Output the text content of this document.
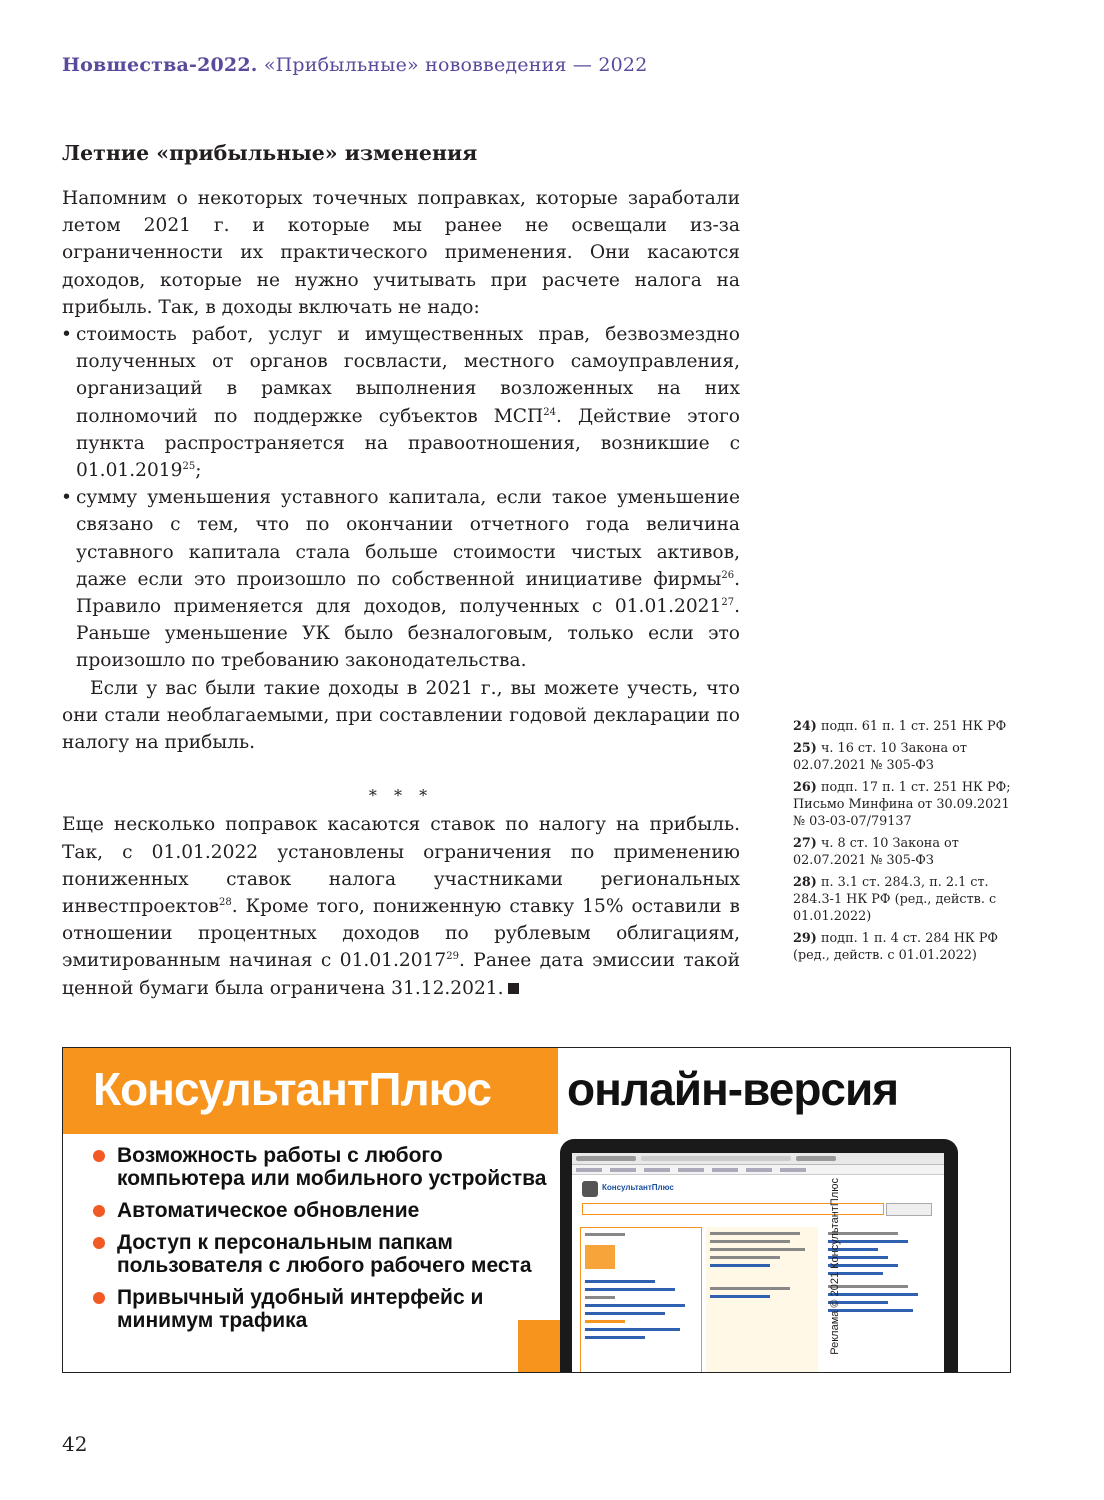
Новшества-2022. «Прибыльные» нововведения — 2022
Летние «прибыльные» изменения

Напомним о некоторых точечных поправках, которые заработали летом 2021 г. и которые мы ранее не освещали из-за ограниченности их практического применения. Они касаются доходов, которые не нужно учитывать при расчете налога на прибыль. Так, в доходы включать не надо:

• стоимость работ, услуг и имущественных прав, безвозмездно полученных от органов госвласти, местного самоуправления, организаций в рамках выполнения возложенных на них полномочий по поддержке субъектов МСП$^{24}$. Действие этого пункта распространяется на правоотношения, возникшие с 01.01.2019$^{25}$;

• сумму уменьшения уставного капитала, если такое уменьшение связано с тем, что по окончании отчетного года величина уставного капитала стала больше стоимости чистых активов, даже если это произошло по собственной инициативе фирмы$^{26}$. Правило применяется для доходов, полученных с 01.01.2021$^{27}$. Раньше уменьшение УК было безналоговым, только если это произошло по требованию законодательства.

Если у вас были такие доходы в 2021 г., вы можете учесть, что они стали необлагаемыми, при составлении годовой декларации по налогу на прибыль.

* * *

Еще несколько поправок касаются ставок по налогу на прибыль. Так, с 01.01.2022 установлены ограничения по применению пониженных ставок налога участниками региональных инвестпроектов$^{28}$. Кроме того, пониженную ставку 15% оставили в отношении процентных доходов по рублевым облигациям, эмитированным начиная с 01.01.2017$^{29}$. Ранее дата эмиссии такой ценной бумаги была ограничена 31.12.2021.

24) подп. 61 п. 1 ст. 251 НК РФ
25) ч. 16 ст. 10 Закона от 02.07.2021 № 305-ФЗ
26) подп. 17 п. 1 ст. 251 НК РФ; Письмо Минфина от 30.09.2021 № 03-03-07/79137
27) ч. 8 ст. 10 Закона от 02.07.2021 № 305-ФЗ
28) п. 3.1 ст. 284.3, п. 2.1 ст. 284.3-1 НК РФ (ред., действ. с 01.01.2022)
29) подп. 1 п. 4 ст. 284 НК РФ (ред., действ. с 01.01.2022)
КонсультантПлюс онлайн-версия
Возможность работы с любого компьютера или мобильного устройства
Автоматическое обновление
Доступ к персональным папкам пользователя с любого рабочего места
Привычный удобный интерфейс и минимум трафика
КонсультантПлюс	Реклама © 2021 КонсультантПлюс
42
